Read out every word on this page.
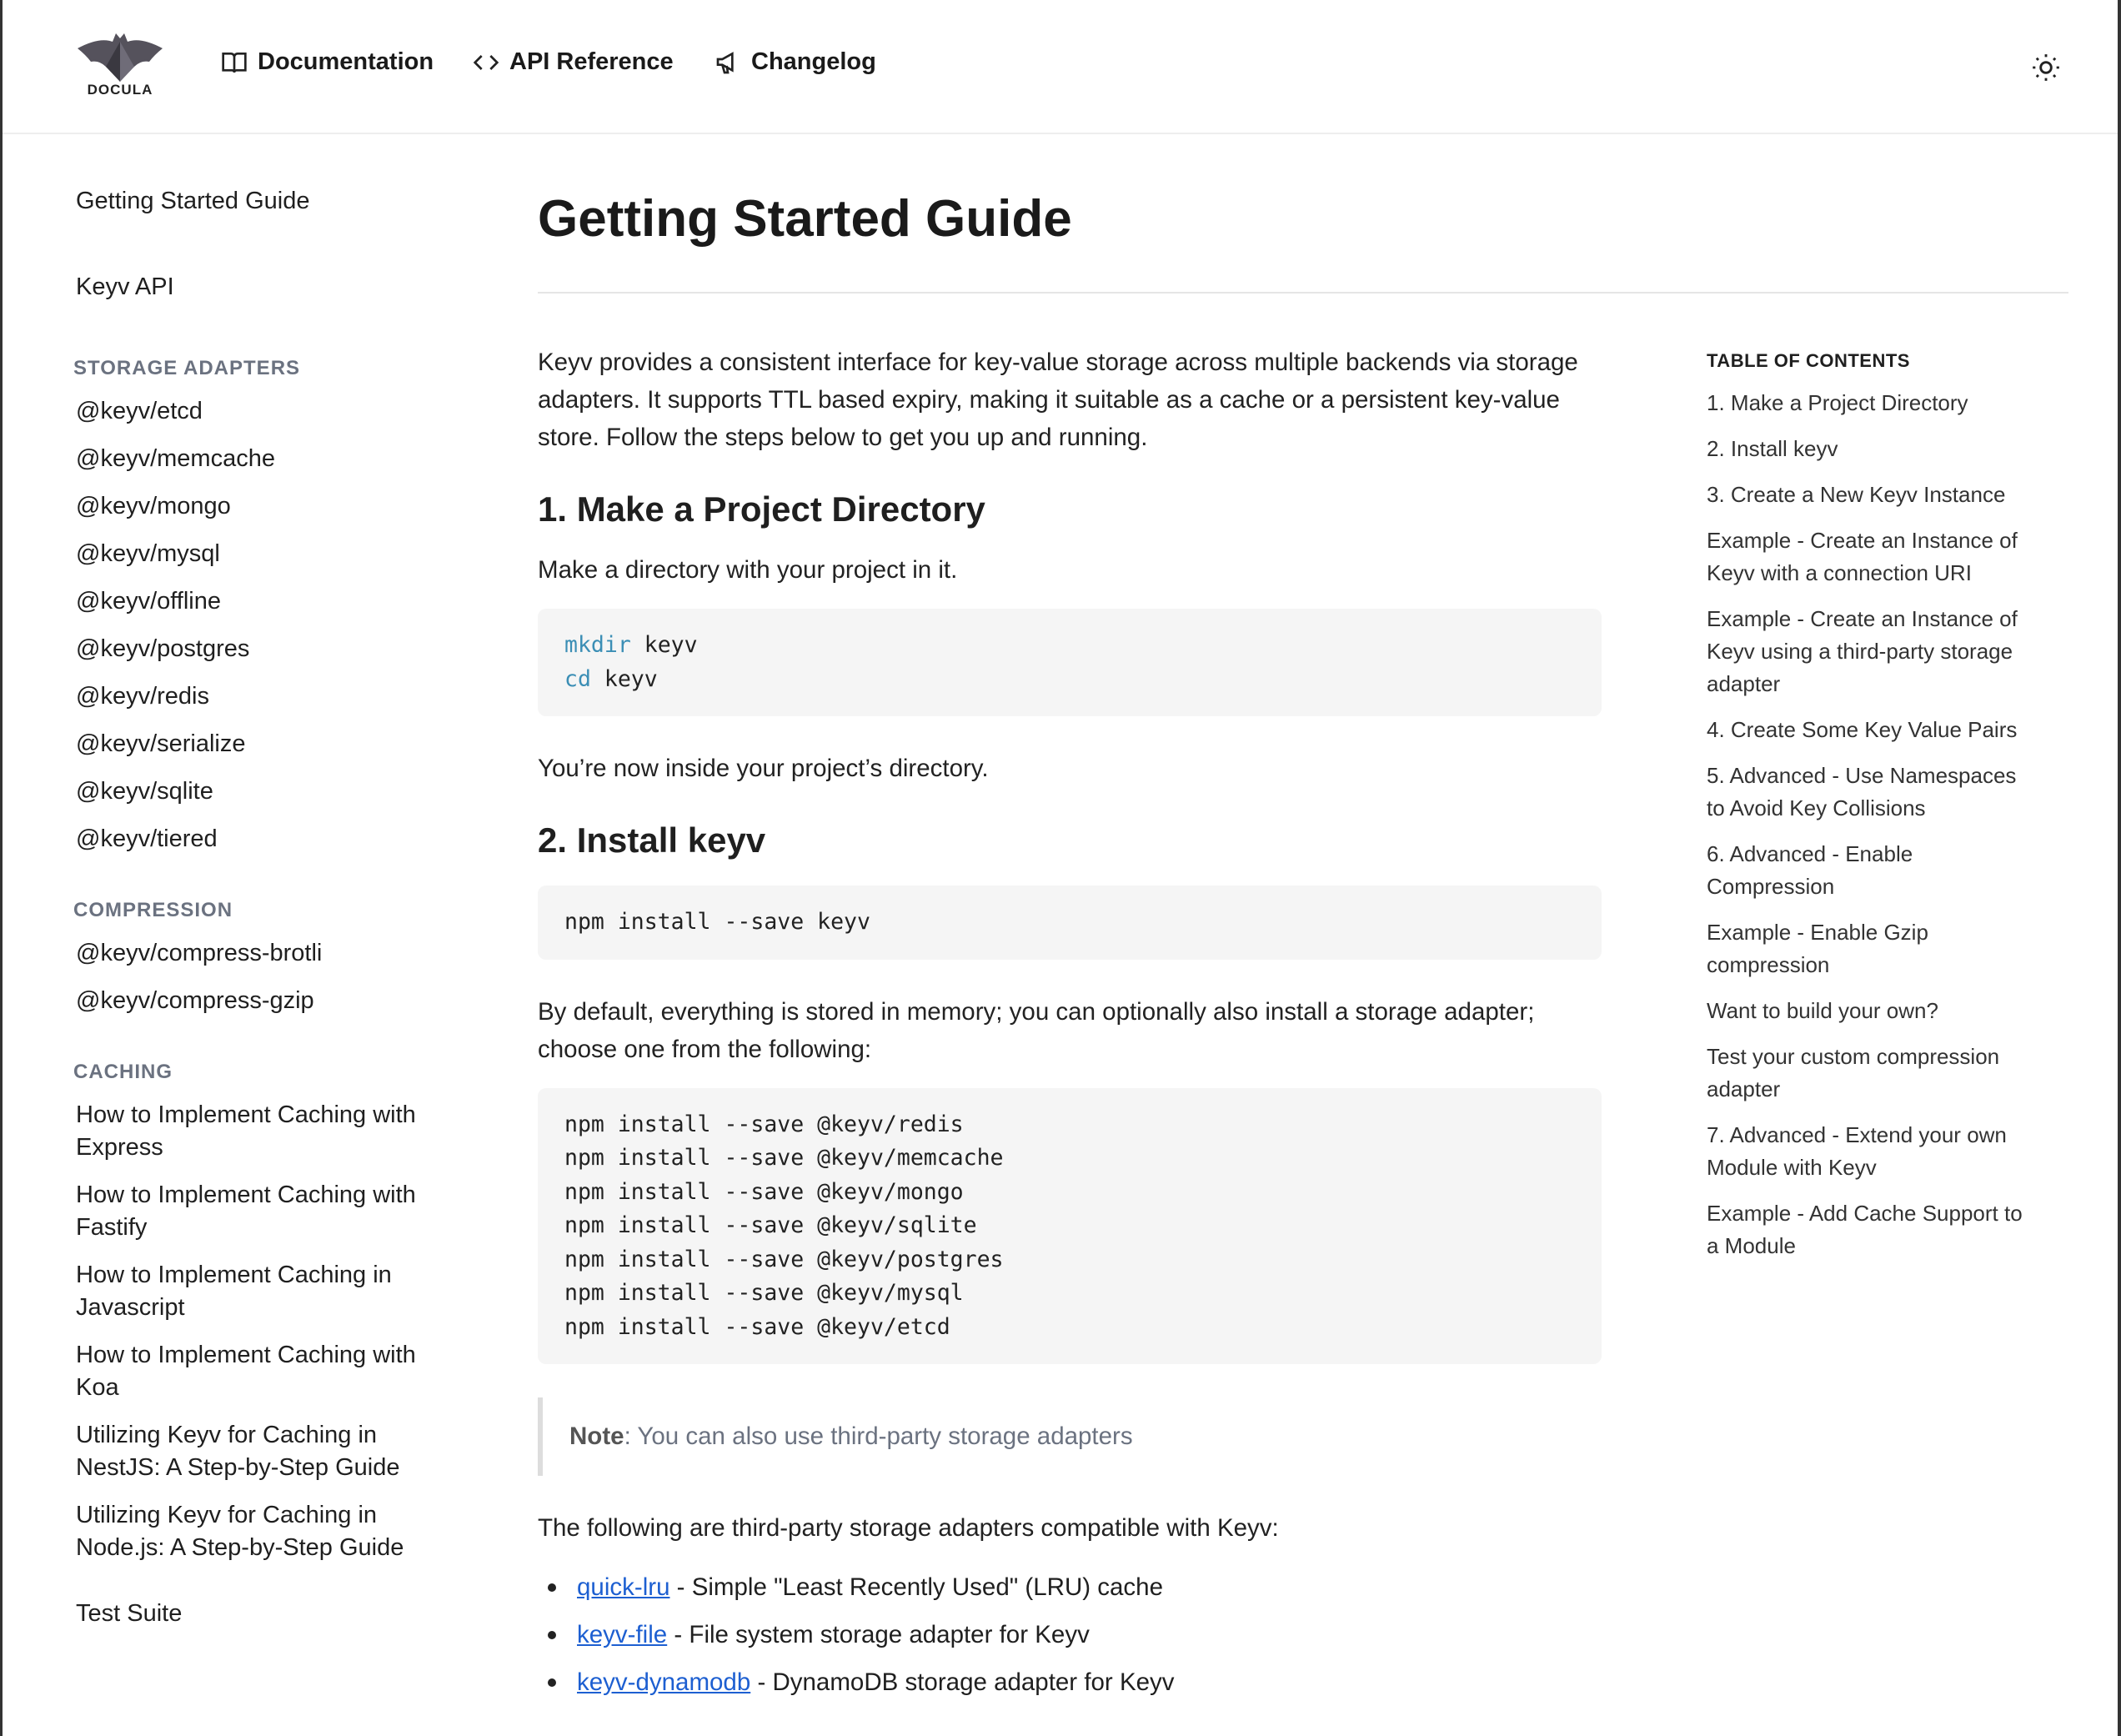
DOCULA
Documentation	API Reference	Changelog
Getting Started Guide
Keyv API
STORAGE ADAPTERS
@keyv/etcd
@keyv/memcache
@keyv/mongo
@keyv/mysql
@keyv/offline
@keyv/postgres
@keyv/redis
@keyv/serialize
@keyv/sqlite
@keyv/tiered
COMPRESSION
@keyv/compress-brotli
@keyv/compress-gzip
CACHING
How to Implement Caching with Express
How to Implement Caching with Fastify
How to Implement Caching in Javascript
How to Implement Caching with Koa
Utilizing Keyv for Caching in NestJS: A Step-by-Step Guide
Utilizing Keyv for Caching in Node.js: A Step-by-Step Guide
Test Suite
Getting Started Guide

Keyv provides a consistent interface for key-value storage across multiple backends via storage adapters. It supports TTL based expiry, making it suitable as a cache or a persistent key-value store. Follow the steps below to get you up and running.

1. Make a Project Directory

Make a directory with your project in it.

mkdir keyv
cd keyv

You’re now inside your project’s directory.

2. Install keyv
npm install --save keyv

By default, everything is stored in memory; you can optionally also install a storage adapter; choose one from the following:

npm install --save @keyv/redis
npm install --save @keyv/memcache
npm install --save @keyv/mongo
npm install --save @keyv/sqlite
npm install --save @keyv/postgres
npm install --save @keyv/mysql
npm install --save @keyv/etcd
Note: You can also use third-party storage adapters

The following are third-party storage adapters compatible with Keyv:

quick-lru - Simple "Least Recently Used" (LRU) cache
keyv-file - File system storage adapter for Keyv
keyv-dynamodb - DynamoDB storage adapter for Keyv
TABLE OF CONTENTS
1. Make a Project Directory
2. Install keyv
3. Create a New Keyv Instance
Example - Create an Instance of Keyv with a connection URI
Example - Create an Instance of Keyv using a third-party storage adapter
4. Create Some Key Value Pairs
5. Advanced - Use Namespaces to Avoid Key Collisions
6. Advanced - Enable Compression
Example - Enable Gzip compression
Want to build your own?
Test your custom compression adapter
7. Advanced - Extend your own Module with Keyv
Example - Add Cache Support to a Module
